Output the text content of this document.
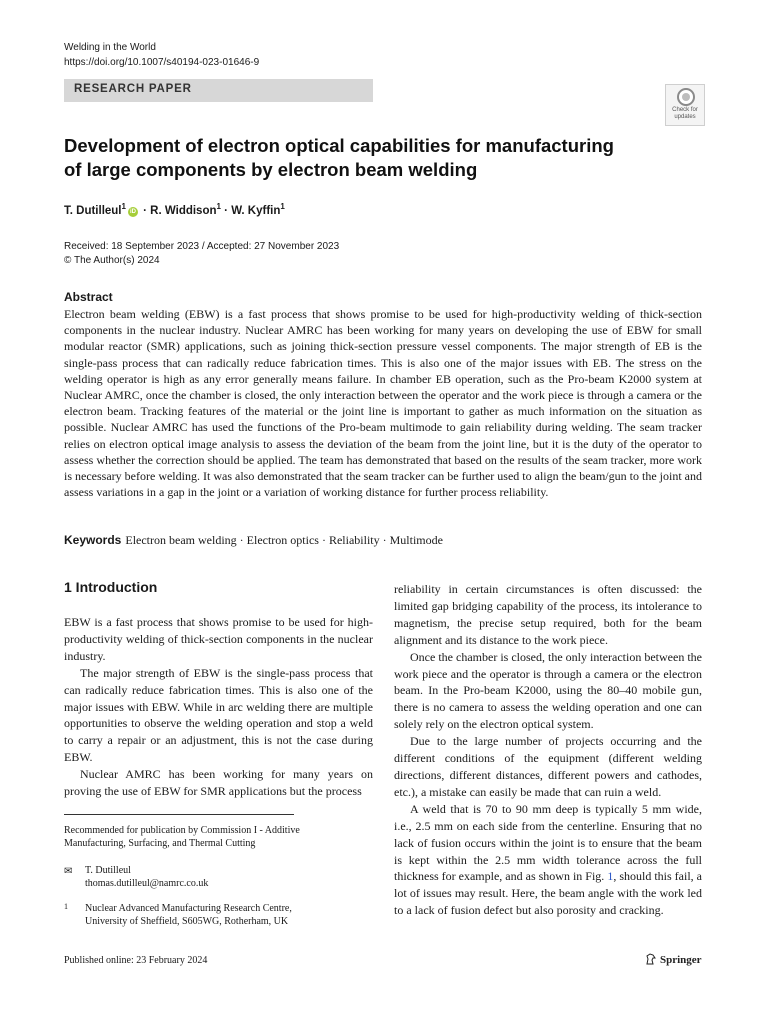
Welding in the World
https://doi.org/10.1007/s40194-023-01646-9
RESEARCH PAPER
Check for
updates
Development of electron optical capabilities for manufacturing
of large components by electron beam welding
T. Dutilleul$^1$iD · R. Widdison$^1$ · W. Kyffin$^1$
Received: 18 September 2023 / Accepted: 27 November 2023
© The Author(s) 2024
Abstract
Electron beam welding (EBW) is a fast process that shows promise to be used for high-productivity welding of thick-section components in the nuclear industry. Nuclear AMRC has been working for many years on developing the use of EBW for small modular reactor (SMR) applications, such as joining thick-section pressure vessel components. The major strength of EB is the single-pass process that can radically reduce fabrication times. This is also one of the major issues with EB. The stress on the welding operator is high as any error generally means failure. In chamber EB operation, such as the Pro-beam K2000 system at Nuclear AMRC, once the chamber is closed, the only interaction between the operator and the work piece is through a camera or the electron beam. Tracking features of the material or the joint line is important to gather as much information on the situation as possible. Nuclear AMRC has used the functions of the Pro-beam multimode to gain reliability during welding. The seam tracker relies on electron optical image analysis to assess the deviation of the beam from the joint line, but it is the duty of the operator to assess whether the correction should be applied. The team has demonstrated that based on the results of the seam tracker, more work is necessary before welding. It was also demonstrated that the seam tracker can be further used to align the beam/gun to the joint and assess variations in a gap in the joint or a variation of working distance for further process reliability.
Keywords Electron beam welding · Electron optics · Reliability · Multimode
1 Introduction

EBW is a fast process that shows promise to be used for high-productivity welding of thick-section components in the nuclear industry.

The major strength of EBW is the single-pass process that can radically reduce fabrication times. This is also one of the major issues with EBW. While in arc welding there are multiple opportunities to observe the welding operation and stop a weld to carry a repair or an adjustment, this is not the case during EBW.

Nuclear AMRC has been working for many years on proving the use of EBW for SMR applications but the process

reliability in certain circumstances is often discussed: the limited gap bridging capability of the process, its intolerance to magnetism, the precise setup required, both for the beam alignment and its distance to the work piece.

Once the chamber is closed, the only interaction between the work piece and the operator is through a camera or the electron beam. In the Pro-beam K2000, using the 80–40 mobile gun, there is no camera to assess the welding operation and one can solely rely on the electron optical system.

Due to the large number of projects occurring and the different conditions of the equipment (different welding directions, different distances, different powers and cathodes, etc.), a mistake can easily be made that can ruin a weld.

A weld that is 70 to 90 mm deep is typically 5 mm wide, i.e., 2.5 mm on each side from the centerline. Ensuring that no lack of fusion occurs within the joint is to ensure that the beam is kept within the 2.5 mm width tolerance across the full thickness for example, and as shown in Fig. 1, should this fail, a lot of issues may result. Here, the beam angle with the work led to a lack of fusion defect but also porosity and cracking.

Recommended for publication by Commission I - Additive Manufacturing, Surfacing, and Thermal Cutting
✉ T. Dutilleul
thomas.dutilleul@namrc.co.uk
1 Nuclear Advanced Manufacturing Research Centre,
University of Sheffield, S605WG, Rotherham, UK
Published online: 23 February 2024	Springer
